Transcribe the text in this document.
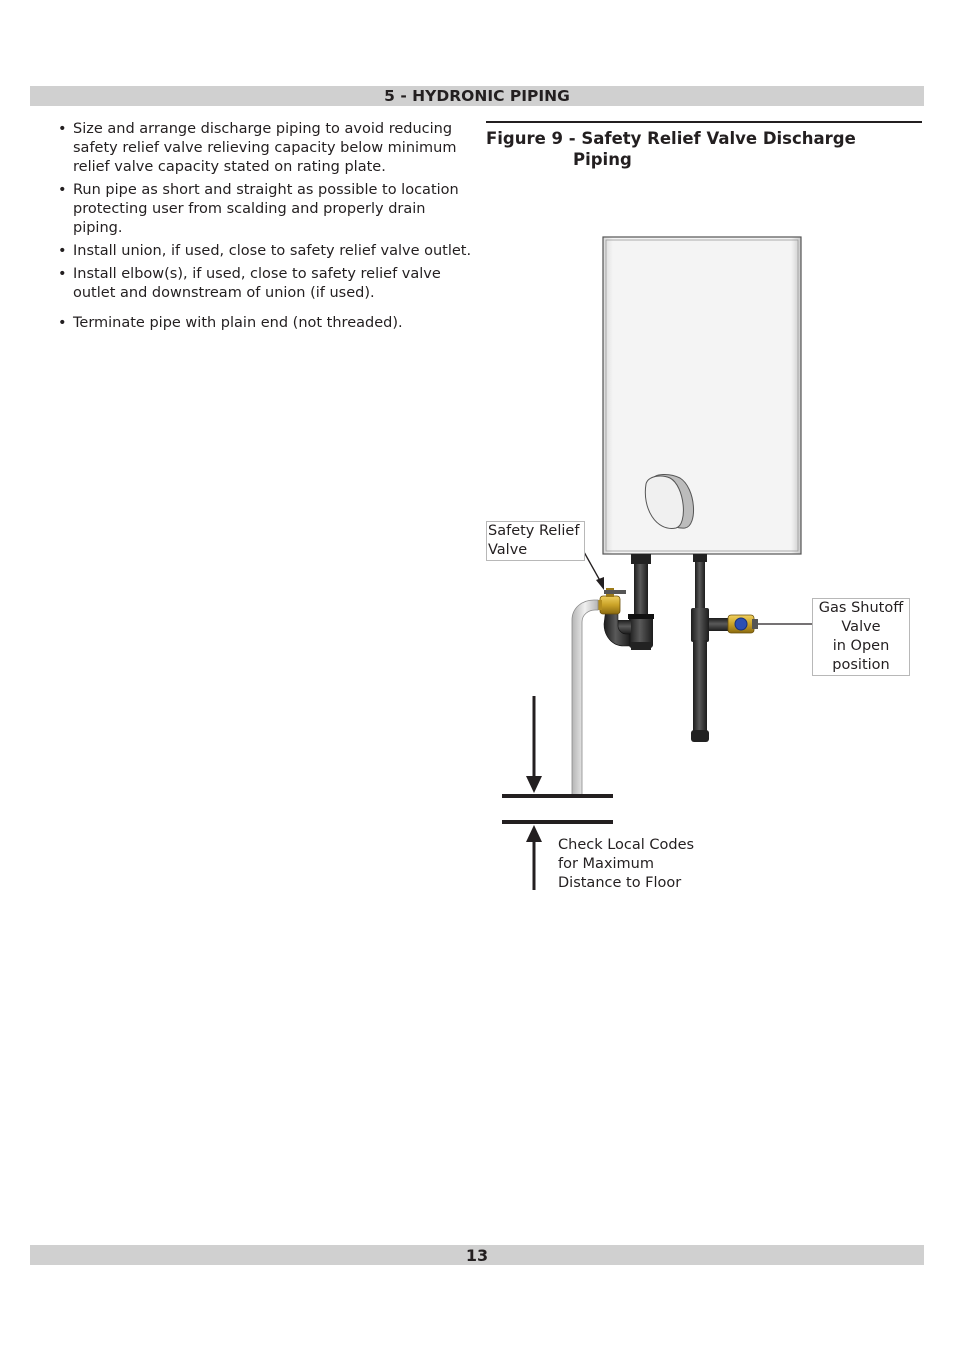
5 - HYDRONIC PIPING
• Size and arrange discharge piping to avoid reducing safety relief valve relieving capacity below minimum relief valve capacity stated on rating plate.
• Run pipe as short and straight as possible to location protecting user from scalding and properly drain piping.
• Install union, if used, close to safety relief valve outlet.
• Install elbow(s), if used, close to safety relief valve outlet and downstream of union (if used).
• Terminate pipe with plain end (not threaded).
Figure 9 - Safety Relief Valve Discharge
Piping
Safety Relief
Valve
Gas Shutoff
Valve
in Open
position
Check Local Codes
for Maximum
Distance to Floor
13
